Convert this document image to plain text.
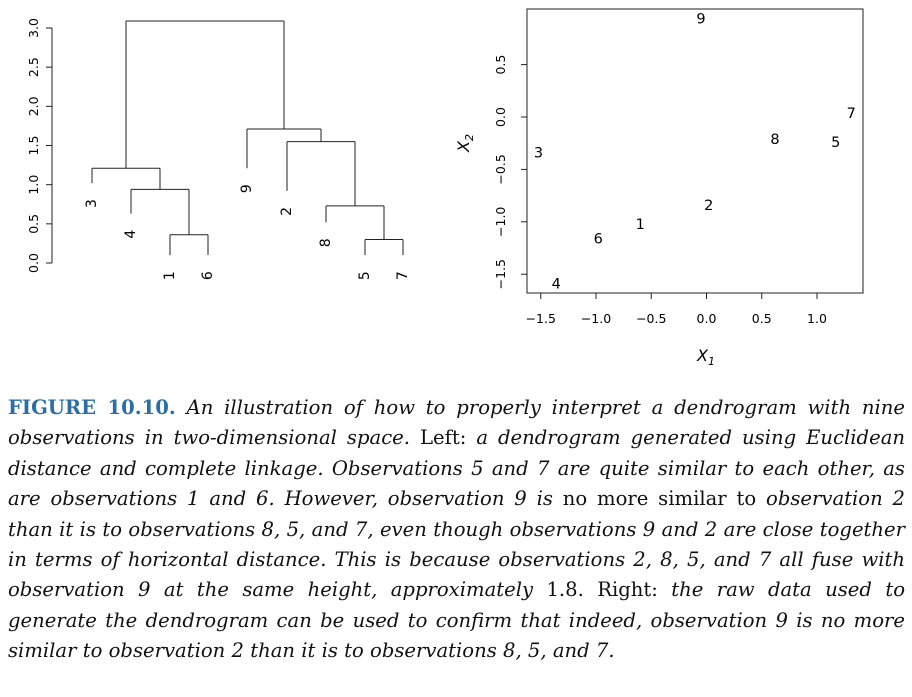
0.0
0.5
1.0
1.5
2.0
2.5
3.0
3
4
1 6
9
2
8
5 7
−1.5 −1.0 −0.5 0.0	0.5	1.0
−1.5
−1.0
−0.5
0.0
0.5
$X_1$
$X_2$
9
7
8	5
3
2
1
6
4

FIGURE 10.10. An illustration of how to properly interpret a dendrogram with nine observations in two-dimensional space. Left: a dendrogram generated using Euclidean distance and complete linkage. Observations 5 and 7 are quite similar to each other, as are observations 1 and 6. However, observation 9 is no more similar to observation 2 than it is to observations 8, 5, and 7, even though observations 9 and 2 are close together in terms of horizontal distance. This is because observations 2, 8, 5, and 7 all fuse with observation 9 at the same height, approximately 1.8. Right: the raw data used to generate the dendrogram can be used to confirm that indeed, observation 9 is no more similar to observation 2 than it is to observations 8, 5, and 7.
